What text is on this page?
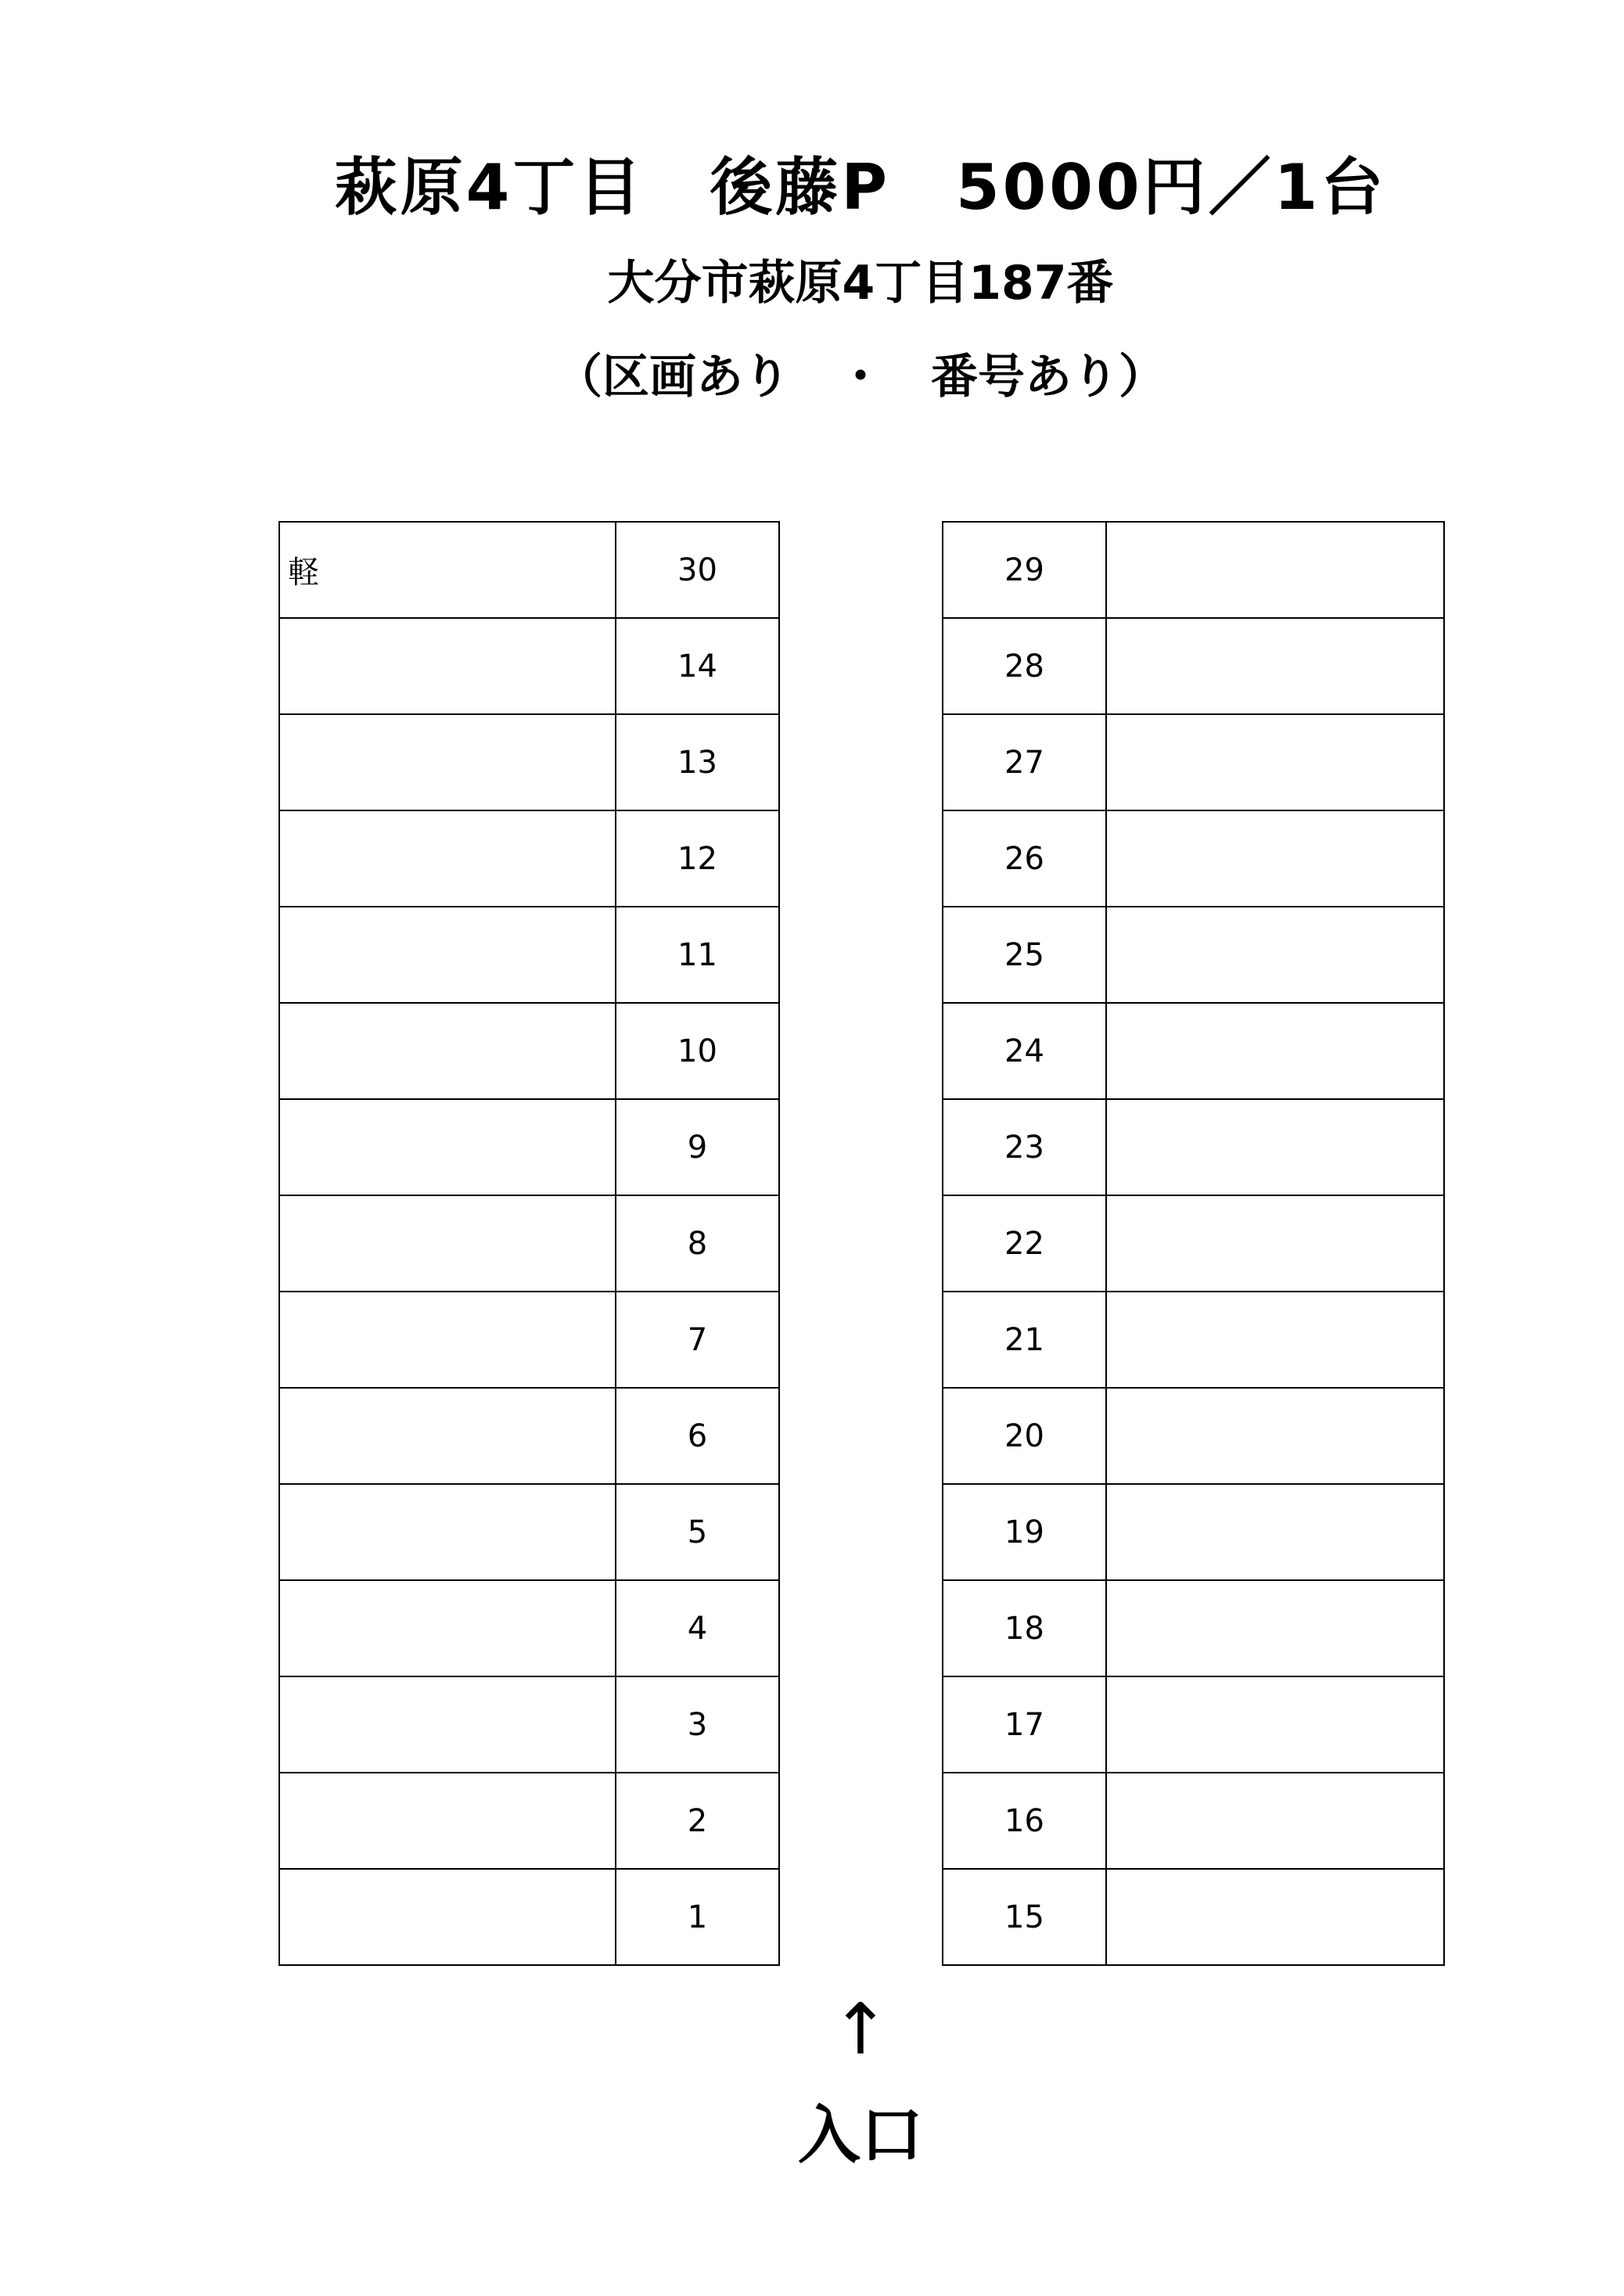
萩原4丁目　後藤P　5000円／1台
大分市萩原4丁目187番
（区画あり　・　番号あり）
軽	30
	14
	13
	12
	11
	10
	9
	8
	7
	6
	5
	4
	3
	2
	1
29	
28	
27	
26	
25	
24	
23	
22	
21	
20	
19	
18	
17	
16	
15	
↑
入口
